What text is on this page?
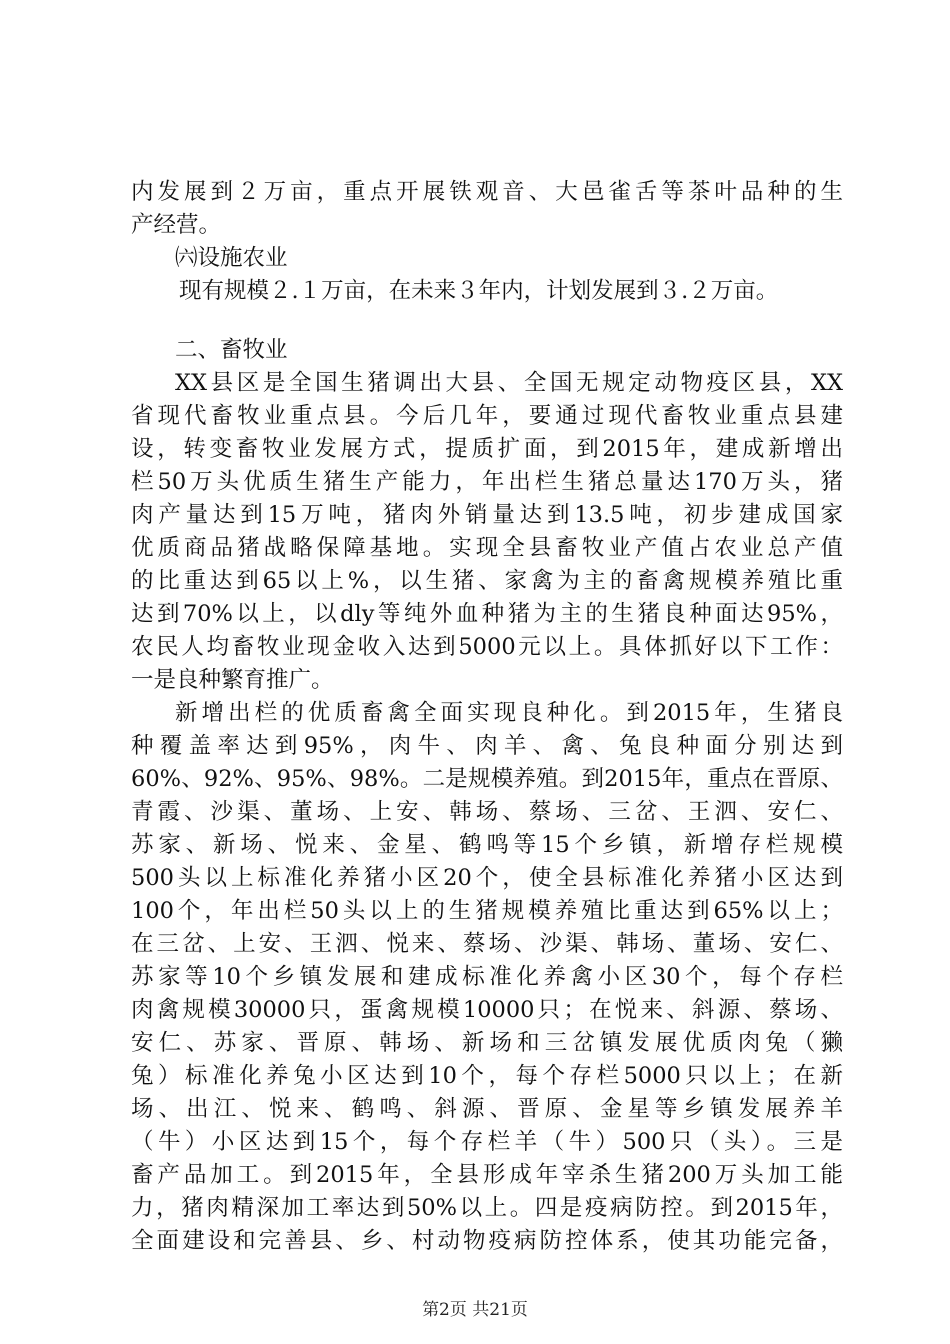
内发展到２万亩，重点开展铁观音、大邑雀舌等茶叶品种的生
产经营。
㈥设施农业
现有规模２.１万亩，在未来３年内，计划发展到３.２万亩。
二、畜牧业
XX县区是全国生猪调出大县、全国无规定动物疫区县，XX
省现代畜牧业重点县。今后几年，要通过现代畜牧业重点县建
设，转变畜牧业发展方式，提质扩面，到2015年，建成新增出
栏50万头优质生猪生产能力，年出栏生猪总量达170万头，猪
肉产量达到15万吨，猪肉外销量达到13.5吨，初步建成国家
优质商品猪战略保障基地。实现全县畜牧业产值占农业总产值
的比重达到65以上%，以生猪、家禽为主的畜禽规模养殖比重
达到70%以上，以dly等纯外血种猪为主的生猪良种面达95%，
农民人均畜牧业现金收入达到5000元以上。具体抓好以下工作：
一是良种繁育推广。
新增出栏的优质畜禽全面实现良种化。到2015年，生猪良
种覆盖率达到95%，肉牛、肉羊、禽、兔良种面分别达到
60%、92%、95%、98%。二是规模养殖。到2015年，重点在晋原、
青霞、沙渠、董场、上安、韩场、蔡场、三岔、王泗、安仁、
苏家、新场、悦来、金星、鹤鸣等15个乡镇，新增存栏规模
500头以上标准化养猪小区20个，使全县标准化养猪小区达到
100个，年出栏50头以上的生猪规模养殖比重达到65%以上；
在三岔、上安、王泗、悦来、蔡场、沙渠、韩场、董场、安仁、
苏家等10个乡镇发展和建成标准化养禽小区30个，每个存栏
肉禽规模30000只，蛋禽规模10000只；在悦来、斜源、蔡场、
安仁、苏家、晋原、韩场、新场和三岔镇发展优质肉兔（獭
兔）标准化养兔小区达到10个，每个存栏5000只以上；在新
场、出江、悦来、鹤鸣、斜源、晋原、金星等乡镇发展养羊
（牛）小区达到15个，每个存栏羊（牛）500只（头）。三是
畜产品加工。到2015年，全县形成年宰杀生猪200万头加工能
力，猪肉精深加工率达到50%以上。四是疫病防控。到2015年，
全面建设和完善县、乡、村动物疫病防控体系，使其功能完备，
第2页 共21页
